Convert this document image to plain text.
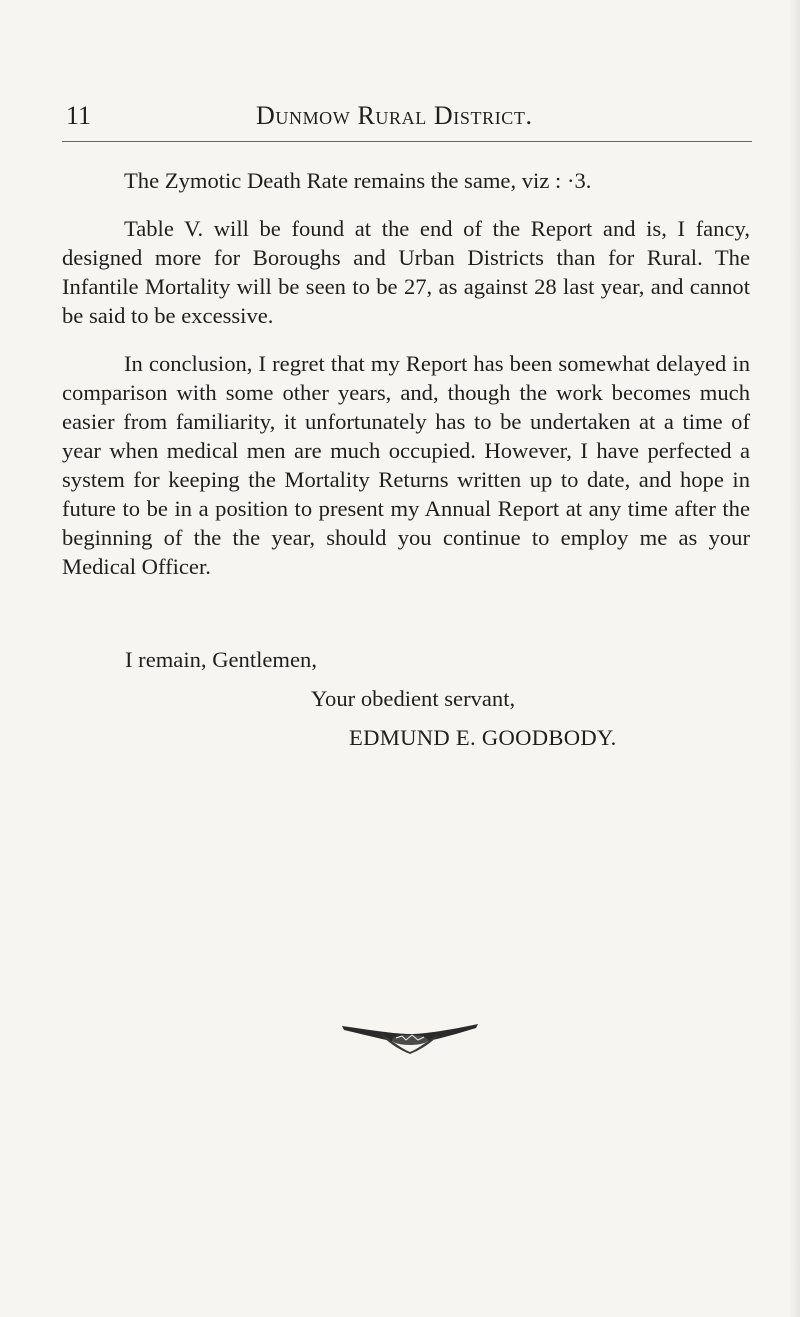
11	Dunmow Rural District.

The Zymotic Death Rate remains the same, viz : ·3.

Table V. will be found at the end of the Report and is, I fancy, designed more for Boroughs and Urban Districts than for Rural. The Infantile Mortality will be seen to be 27, as against 28 last year, and cannot be said to be excessive.

In conclusion, I regret that my Report has been somewhat delayed in comparison with some other years, and, though the work becomes much easier from familiarity, it unfortunately has to be undertaken at a time of year when medical men are much occupied. However, I have perfected a system for keeping the Mortality Returns written up to date, and hope in future to be in a position to present my Annual Report at any time after the beginning of the the year, should you continue to employ me as your Medical Officer.

I remain, Gentlemen,
Your obedient servant,
EDMUND E. GOODBODY.
